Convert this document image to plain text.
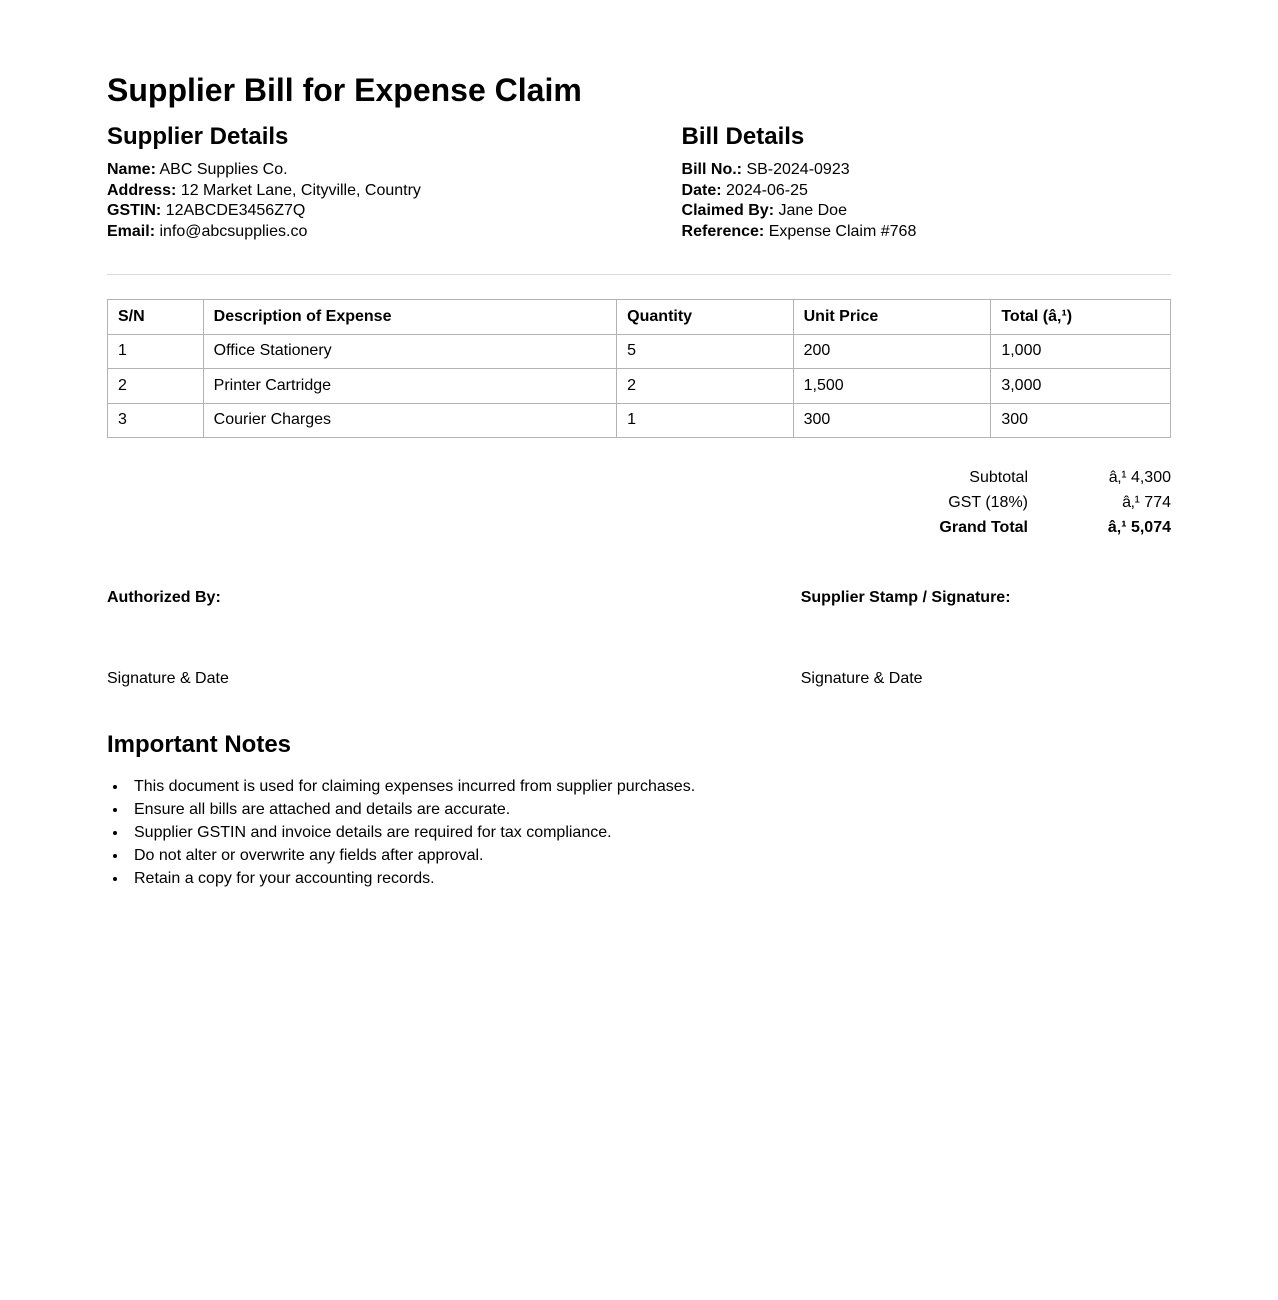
Supplier Bill for Expense Claim
Supplier Details
Name: ABC Supplies Co.
Address: 12 Market Lane, Cityville, Country
GSTIN: 12ABCDE3456Z7Q
Email: info@abcsupplies.co
Bill Details
Bill No.: SB-2024-0923
Date: 2024-06-25
Claimed By: Jane Doe
Reference: Expense Claim #768
S/N	Description of Expense	Quantity	Unit Price	Total (â‚¹)
1	Office Stationery	5	200	1,000
2	Printer Cartridge	2	1,500	3,000
3	Courier Charges	1	300	300
Subtotal	â‚¹ 4,300
GST (18%)	â‚¹ 774
Grand Total	â‚¹ 5,074
Authorized By:
Signature & Date
Supplier Stamp / Signature:
Signature & Date
Important Notes
• This document is used for claiming expenses incurred from supplier purchases.
• Ensure all bills are attached and details are accurate.
• Supplier GSTIN and invoice details are required for tax compliance.
• Do not alter or overwrite any fields after approval.
• Retain a copy for your accounting records.
